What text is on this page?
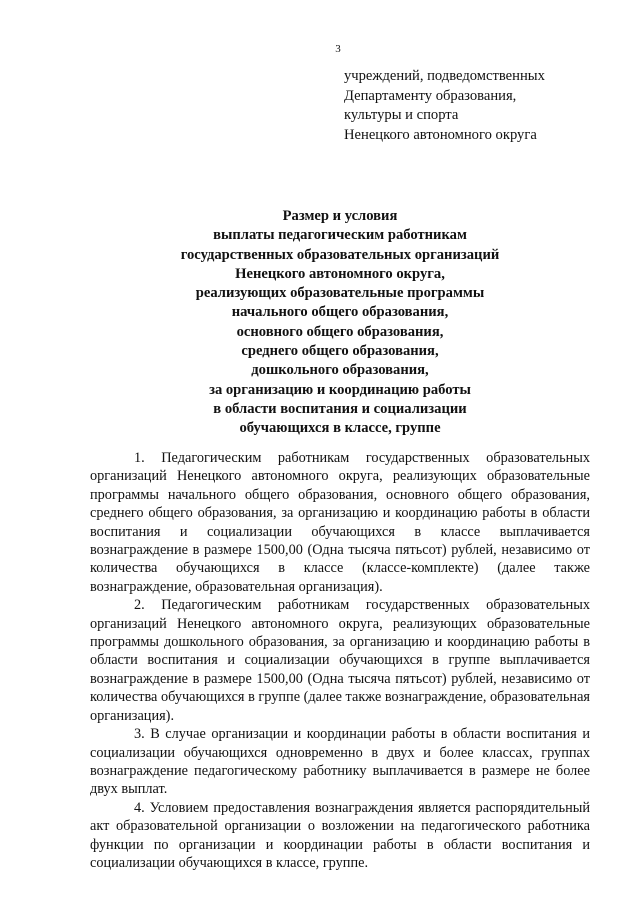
3
учреждений, подведомственных
Департаменту образования,
культуры и спорта
Ненецкого автономного округа
Размер и условия
выплаты педагогическим работникам
государственных образовательных организаций
Ненецкого автономного округа,
реализующих образовательные программы
начального общего образования,
основного общего образования,
среднего общего образования,
дошкольного образования,
за организацию и координацию работы
в области воспитания и социализации
обучающихся в классе, группе

1. Педагогическим работникам государственных образовательных организаций Ненецкого автономного округа, реализующих образовательные программы начального общего образования, основного общего образования, среднего общего образования, за организацию и координацию работы в области воспитания и социализации обучающихся в классе выплачивается вознаграждение в размере 1500,00 (Одна тысяча пятьсот) рублей, независимо от количества обучающихся в классе (классе-комплекте) (далее также вознаграждение, образовательная организация).

2. Педагогическим работникам государственных образовательных организаций Ненецкого автономного округа, реализующих образовательные программы дошкольного образования, за организацию и координацию работы в области воспитания и социализации обучающихся в группе выплачивается вознаграждение в размере 1500,00 (Одна тысяча пятьсот) рублей, независимо от количества обучающихся в группе (далее также вознаграждение, образовательная организация).

3. В случае организации и координации работы в области воспитания и социализации обучающихся одновременно в двух и более классах, группах вознаграждение педагогическому работнику выплачивается в размере не более двух выплат.

4. Условием предоставления вознаграждения является распорядительный акт образовательной организации о возложении на педагогического работника функции по организации и координации работы в области воспитания и социализации обучающихся в классе, группе.
